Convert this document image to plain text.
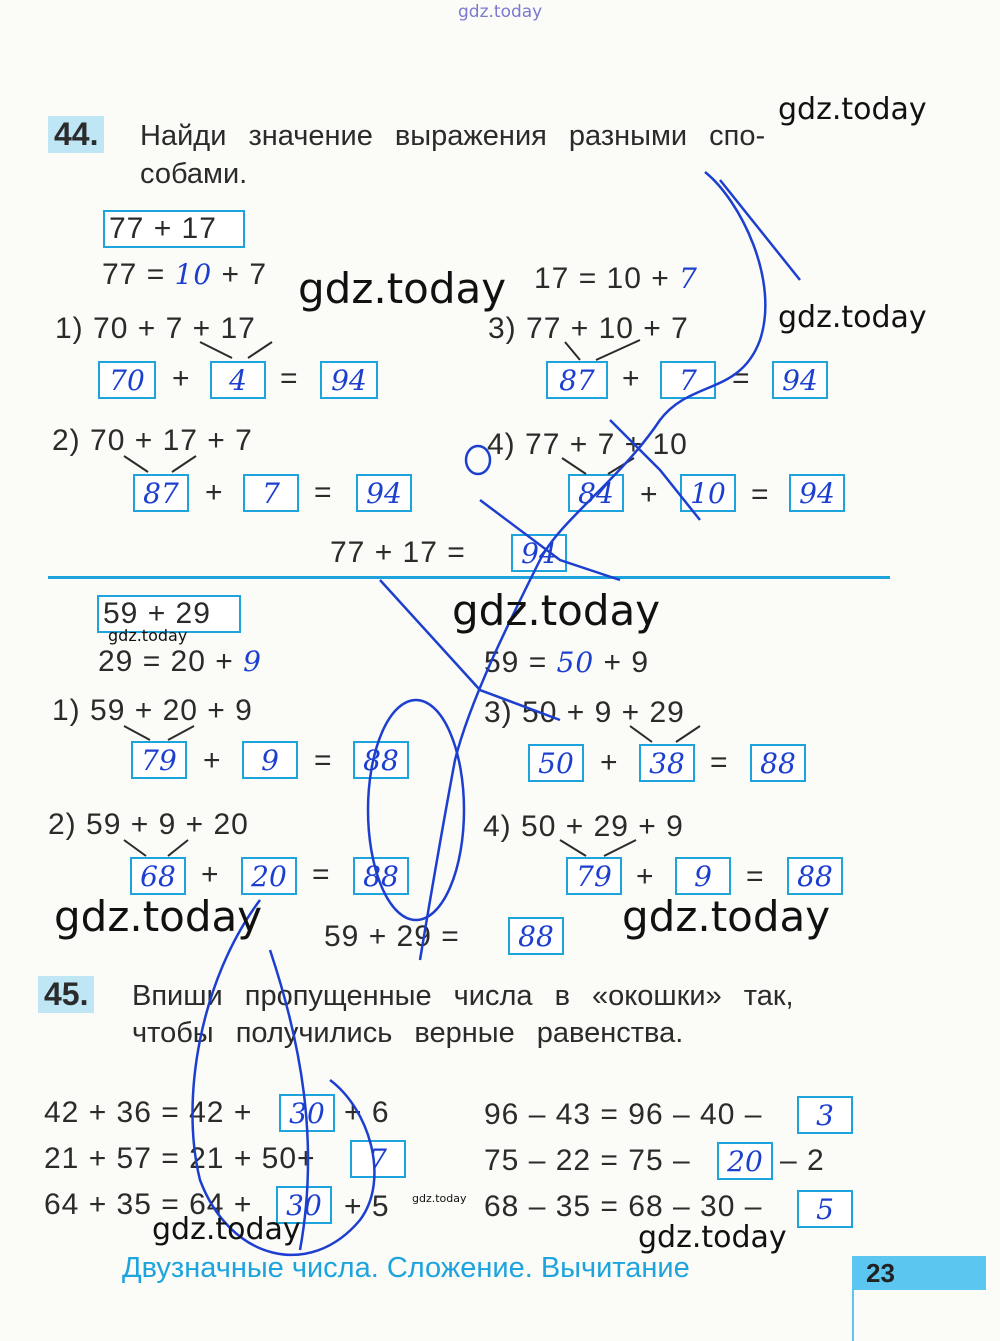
gdz.today
44. Найди значение выражения разными спо-
собами.
77 + 17
77 = 10 + 7	17 = 10 + 7
1) 70 + 7 + 17
70 + 4 = 94
3) 77 + 10 + 7
87 + 7 = 94
2) 70 + 17 + 7
87 + 7 = 94
4) 77 + 7 + 10
84 + 10 = 94
77 + 17 = 94
59 + 29
29 = 20 + 9	59 = 50 + 9
1) 59 + 20 + 9
79 + 9 = 88
3) 50 + 9 + 29
50 + 38 = 88
2) 59 + 9 + 20
68 + 20 = 88
4) 50 + 29 + 9
79 + 9 = 88
59 + 29 = 88
45. Впиши пропущенные числа в «окошки» так,
чтобы получились верные равенства.
42 + 36 = 42 + 30 + 6
21 + 57 = 21 + 50+ 7
64 + 35 = 64 + 30 + 5
96 – 43 = 96 – 40 – 3
75 – 22 = 75 – 20 – 2
68 – 35 = 68 – 30 – 5
Двузначные числа. Сложение. Вычитание	23
gdz.today
gdz.today
gdz.today
gdz.today
gdz.today
gdz.today	gdz.today
gdz.today
gdz.today	gdz.today
